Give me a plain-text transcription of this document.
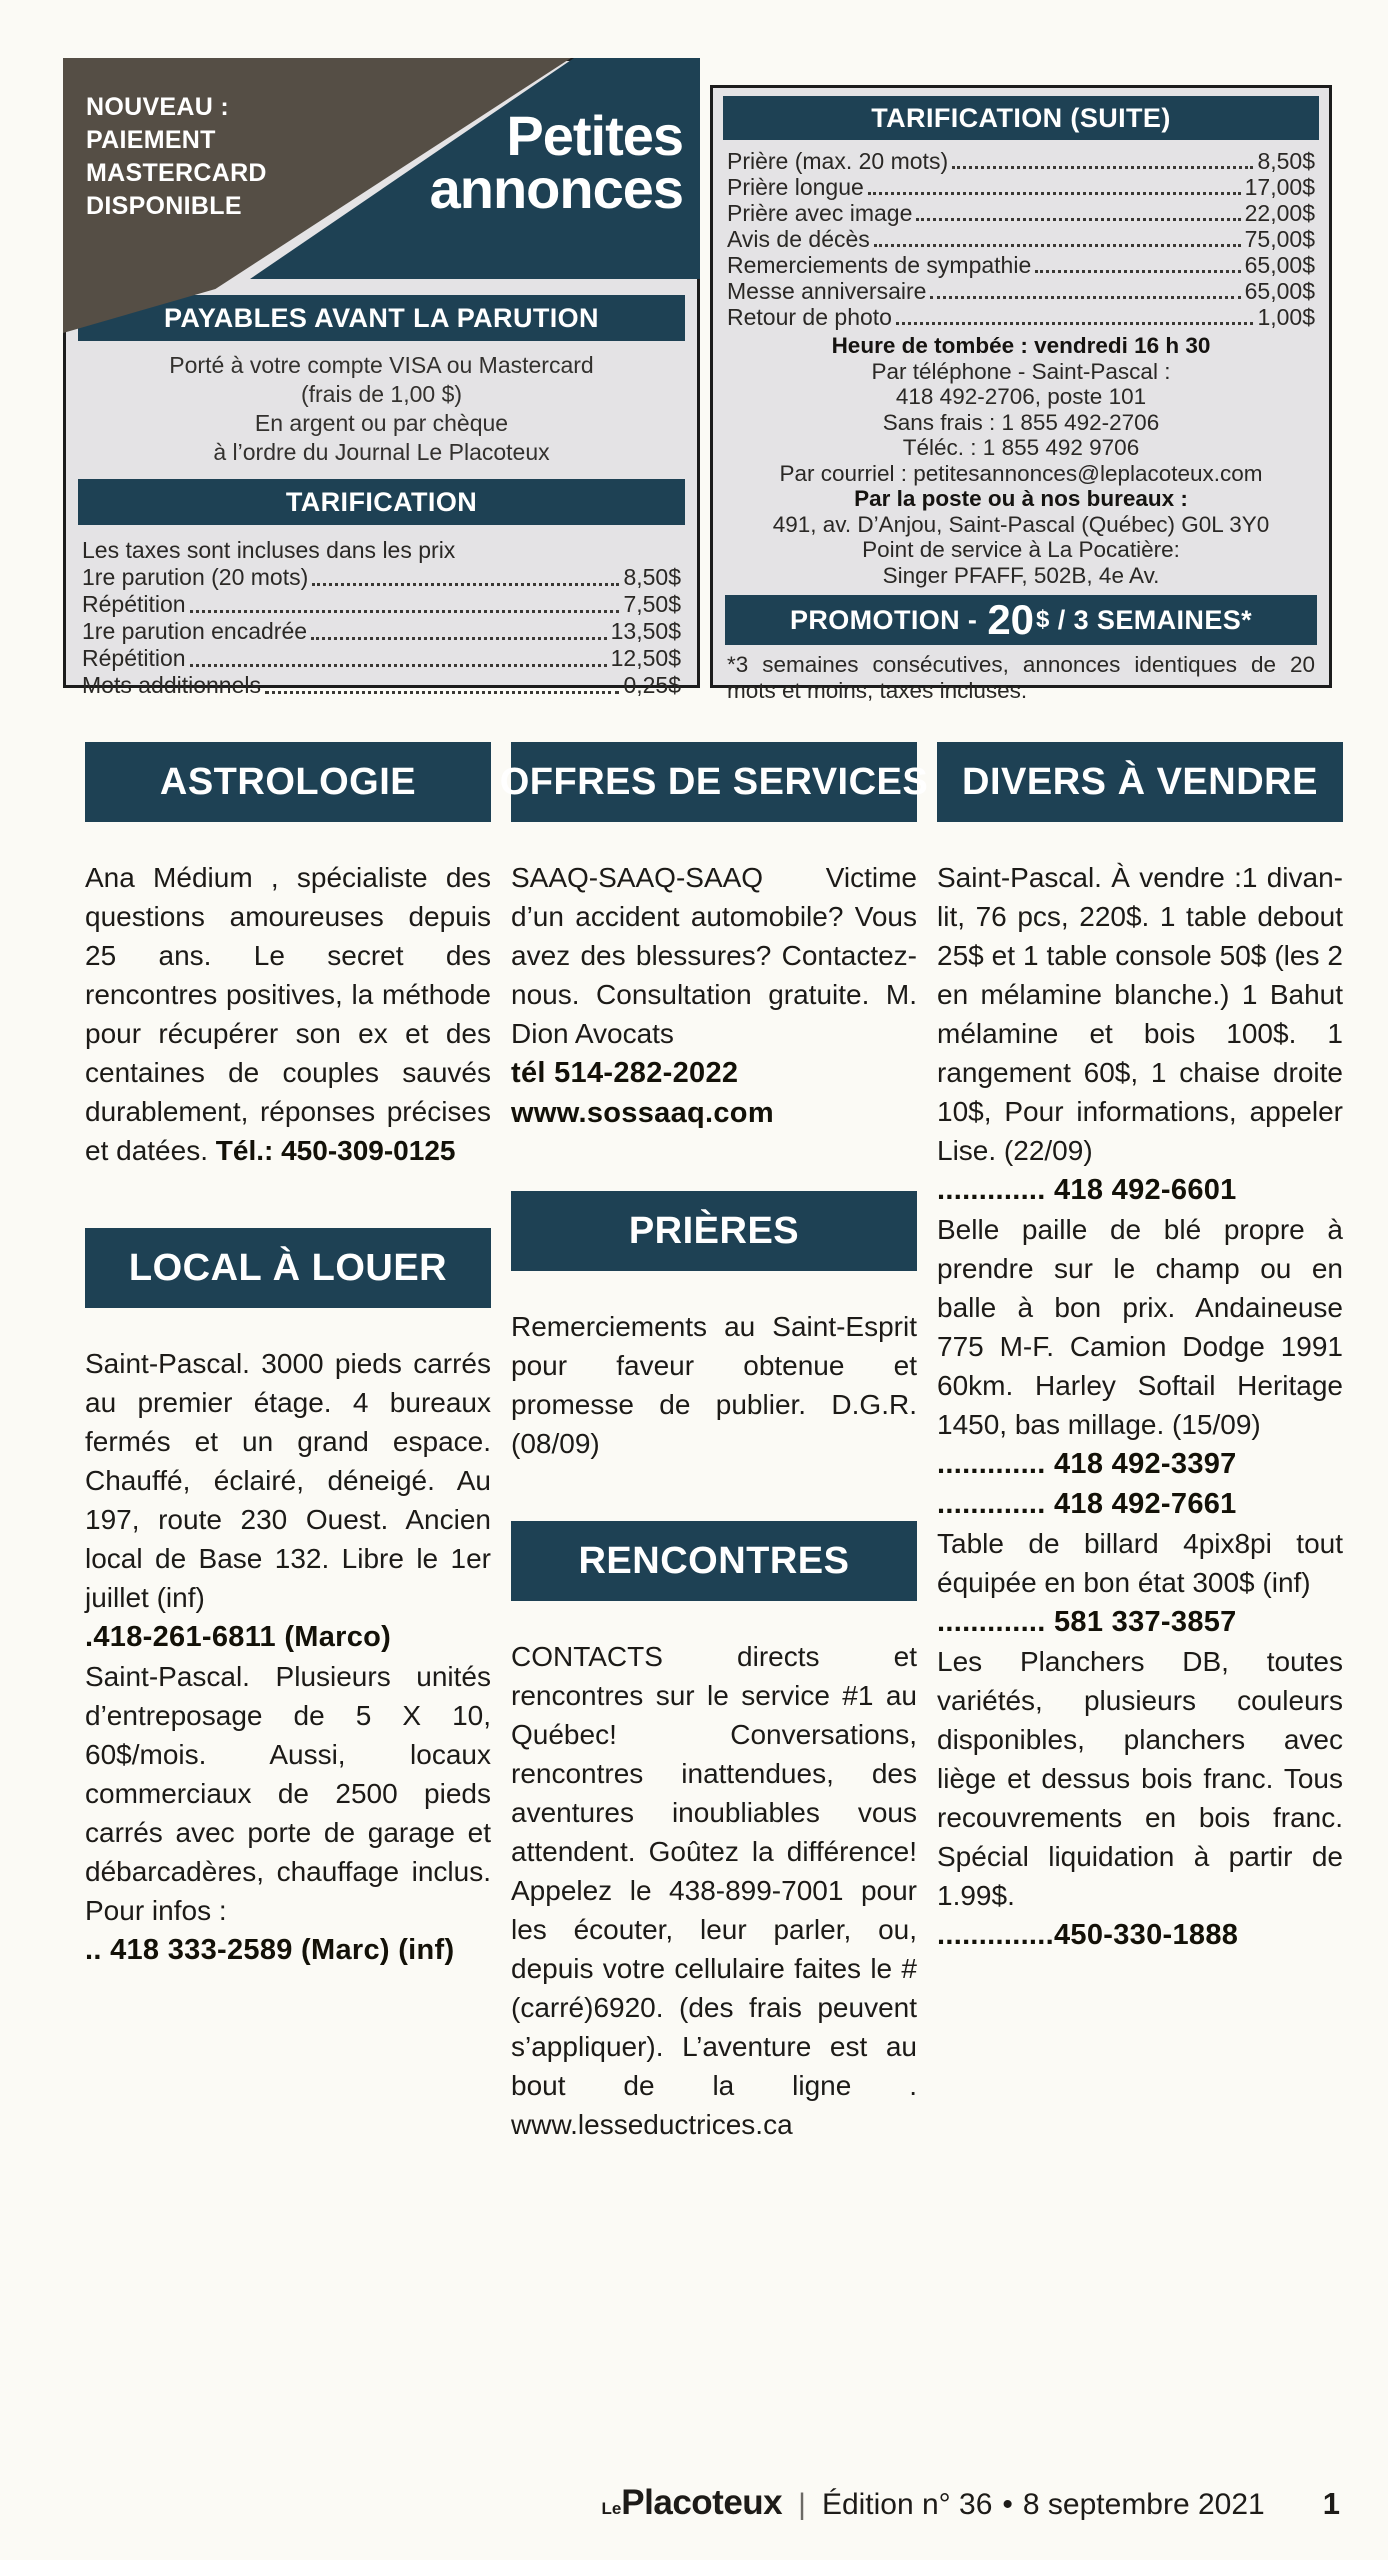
NOUVEAU :
PAIEMENT
MASTERCARD
DISPONIBLE
Petites
annonces
PAYABLES AVANT LA PARUTION
Porté à votre compte VISA ou Mastercard
(frais de 1,00 $)
En argent ou par chèque
à l’ordre du Journal Le Placoteux
TARIFICATION
Les taxes sont incluses dans les prix
1re parution (20 mots)	8,50$
Répétition	7,50$
1re parution encadrée	13,50$
Répétition	12,50$
Mots additionnels	0,25$
TARIFICATION (SUITE)
Prière (max. 20 mots)	8,50$
Prière longue	17,00$
Prière avec image	22,00$
Avis de décès	75,00$
Remerciements de sympathie	65,00$
Messe anniversaire	65,00$
Retour de photo	1,00$
Heure de tombée : vendredi 16 h 30
Par téléphone - Saint-Pascal :
418 492-2706, poste 101
Sans frais : 1 855 492-2706
Téléc. : 1 855 492 9706
Par courriel : petitesannonces@leplacoteux.com
Par la poste ou à nos bureaux :
491, av. D’Anjou, Saint-Pascal (Québec) G0L 3Y0
Point de service à La Pocatière:
Singer PFAFF, 502B, 4e Av.
PROMOTION - 20 $ / 3 SEMAINES*
*3 semaines consécutives, annonces identiques de 20 mots et moins, taxes incluses.
ASTROLOGIE

Ana Médium , spécialiste des questions amoureuses depuis 25 ans. Le secret des rencontres positives, la méthode pour récupérer son ex et des centaines de couples sauvés durablement, réponses précises et datées. Tél.: 450-309-0125

LOCAL À LOUER

Saint-Pascal. 3000 pieds carrés au premier étage. 4 bureaux fermés et un grand espace. Chauffé, éclairé, déneigé. Au 197, route 230 Ouest. Ancien local de Base 132. Libre le 1er juillet (inf)

.418-261-6811 (Marco)

Saint-Pascal. Plusieurs unités d’entreposage de 5 X 10, 60$/mois. Aussi, locaux commerciaux de 2500 pieds carrés avec porte de garage et débarcadères, chauffage inclus. Pour infos :

.. 418 333-2589 (Marc) (inf)
OFFRES DE SERVICES

SAAQ-SAAQ-SAAQ Victime d’un accident automobile? Vous avez des blessures? Contactez-nous. Consultation gratuite. M. Dion Avocats

tél 514-282-2022
www.sossaaq.com
PRIÈRES

Remerciements au Saint-Esprit pour faveur obtenue et promesse de publier. D.G.R. (08/09)

RENCONTRES

CONTACTS directs et rencontres sur le service #1 au Québec! Conversations, rencontres inattendues, des aventures inoubliables vous attendent. Goûtez la différence! Appelez le 438-899-7001 pour les écouter, leur parler, ou, depuis votre cellulaire faites le #(carré)6920. (des frais peuvent s’appliquer). L’aventure est au bout de la ligne . www.lesseductrices.ca

DIVERS À VENDRE

Saint-Pascal. À vendre :1 divan-lit, 76 pcs, 220$. 1 table debout 25$ et 1 table console 50$ (les 2 en mélamine blanche.) 1 Bahut mélamine et bois 100$. 1 rangement 60$, 1 chaise droite 10$, Pour informations, appeler Lise. (22/09)

............. 418 492-6601

Belle paille de blé propre à prendre sur le champ ou en balle à bon prix. Andaineuse 775 M-F. Camion Dodge 1991 60km. Harley Softail Heritage 1450, bas millage. (15/09)

............. 418 492-3397
............. 418 492-7661

Table de billard 4pix8pi tout équipée en bon état 300$ (inf)

............. 581 337-3857

Les Planchers DB, toutes variétés, plusieurs couleurs disponibles, planchers avec liège et dessus bois franc. Tous recouvrements en bois franc. Spécial liquidation à partir de 1.99$.

..............450-330-1888
Le Placoteux | Édition n° 36 • 8 septembre 2021 1
